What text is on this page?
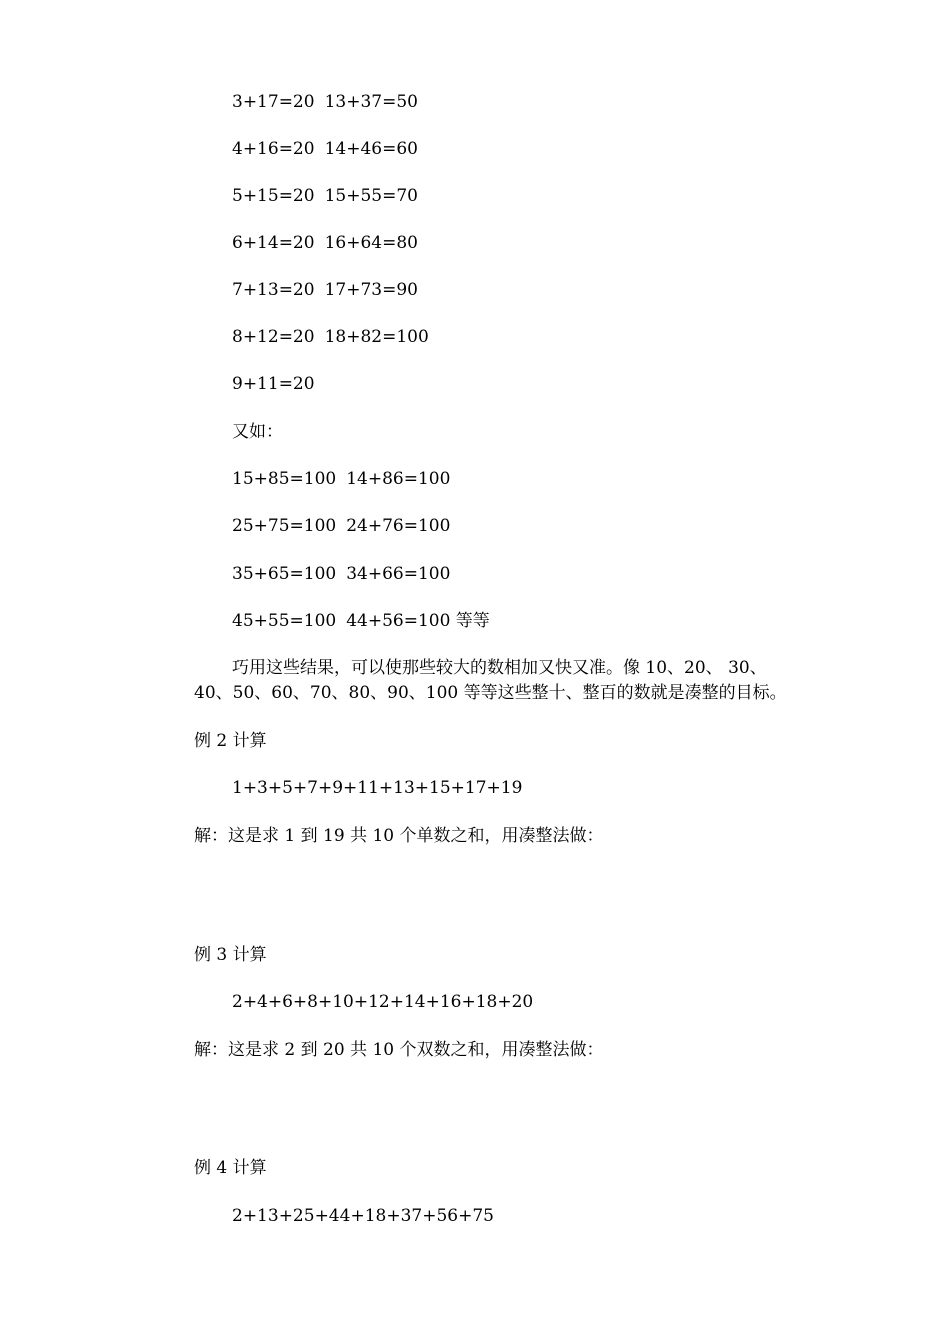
3+17=20 13+37=50
4+16=20 14+46=60
5+15=20 15+55=70
6+14=20 16+64=80
7+13=20 17+73=90
8+12=20 18+82=100
9+11=20
又如：
15+85=100 14+86=100
25+75=100 24+76=100
35+65=100 34+66=100
45+55=100 44+56=100 等等
巧用这些结果，可以使那些较大的数相加又快又准。像 10、20、 30、
40、50、60、70、80、90、100 等等这些整十、整百的数就是凑整的目标。
例 2 计算
1+3+5+7+9+11+13+15+17+19
解：这是求 1 到 19 共 10 个单数之和，用凑整法做：
例 3 计算
2+4+6+8+10+12+14+16+18+20
解：这是求 2 到 20 共 10 个双数之和，用凑整法做：
例 4 计算
2+13+25+44+18+37+56+75
